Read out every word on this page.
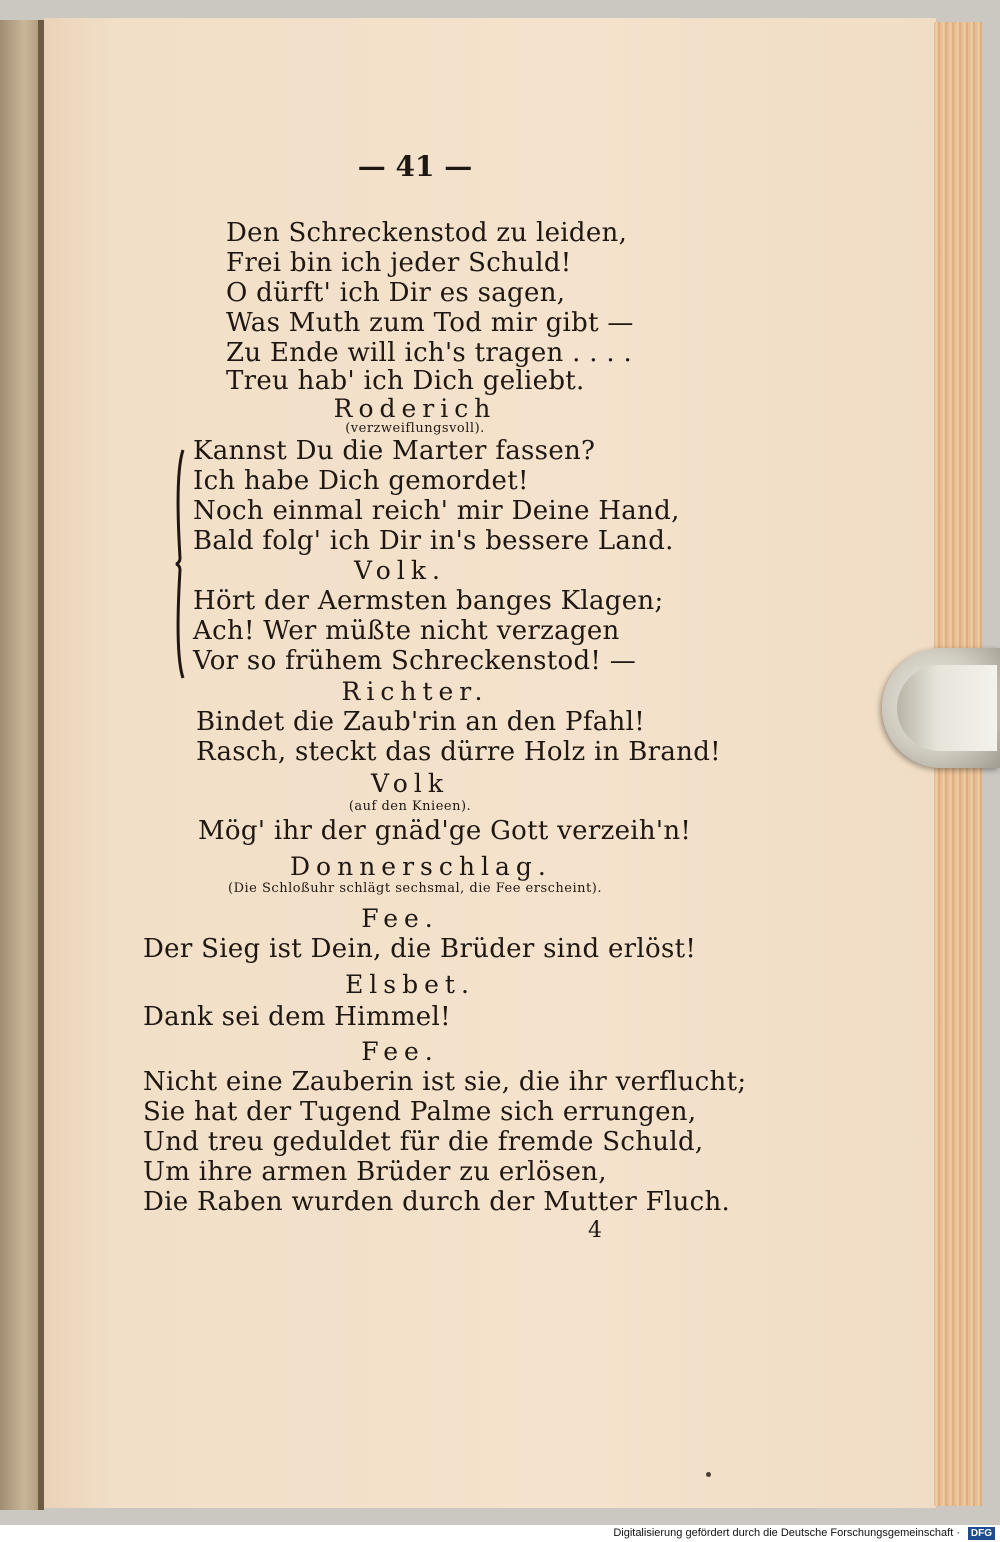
— 41 —
Den Schreckenstod zu leiden,
Frei bin ich jeder Schuld!
O dürft' ich Dir es sagen,
Was Muth zum Tod mir gibt —
Zu Ende will ich's tragen . . . .
Treu hab' ich Dich geliebt.
Roderich
(verzweiflungsvoll).
Kannst Du die Marter fassen?
Ich habe Dich gemordet!
Noch einmal reich' mir Deine Hand,
Bald folg' ich Dir in's bessere Land.
Volk.
Hört der Aermsten banges Klagen;
Ach! Wer müßte nicht verzagen
Vor so frühem Schreckenstod! —
Richter.
Bindet die Zaub'rin an den Pfahl!
Rasch, steckt das dürre Holz in Brand!
Volk
(auf den Knieen).
Mög' ihr der gnäd'ge Gott verzeih'n!
Donnerschlag.
(Die Schloßuhr schlägt sechsmal, die Fee erscheint).
Fee.
Der Sieg ist Dein, die Brüder sind erlöst!
Elsbet.
Dank sei dem Himmel!
Fee.
Nicht eine Zauberin ist sie, die ihr verflucht;
Sie hat der Tugend Palme sich errungen,
Und treu geduldet für die fremde Schuld,
Um ihre armen Brüder zu erlösen,
Die Raben wurden durch der Mutter Fluch.
4
Digitalisierung gefördert durch die Deutsche Forschungsgemeinschaft ·	DFG
